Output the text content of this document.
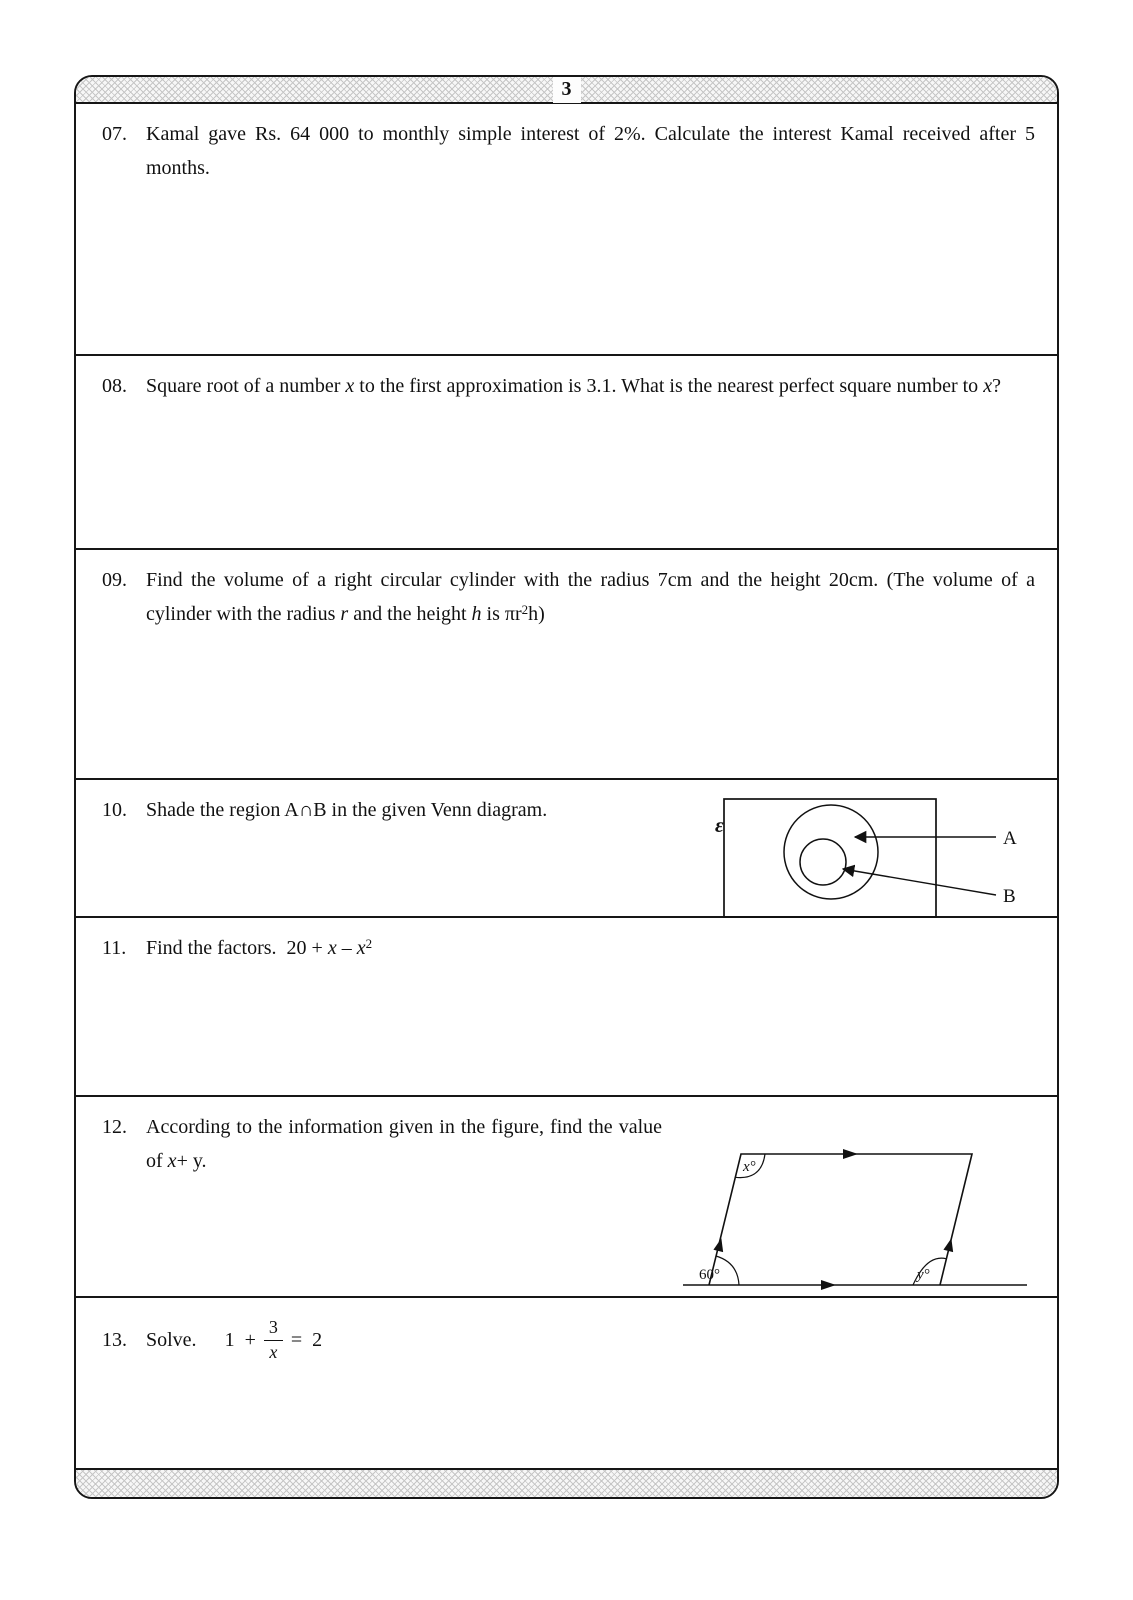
3
07. Kamal gave Rs. 64 000 to monthly simple interest of 2%. Calculate the interest Kamal received after 5 months.
08. Square root of a number x to the first approximation is 3.1. What is the nearest perfect square number to x?
09. Find the volume of a right circular cylinder with the radius 7cm and the height 20cm. (The volume of a cylinder with the radius r and the height h is $\pi r^2h$)
10. Shade the region A∩B in the given Venn diagram.
ε
A
B
11. Find the factors.  $20 + x - x^2$
12. According to the information given in the figure, find the value of x+ y.	x°
60°	y°
13. Solve. $1 + \frac{3}{x} = 2$
